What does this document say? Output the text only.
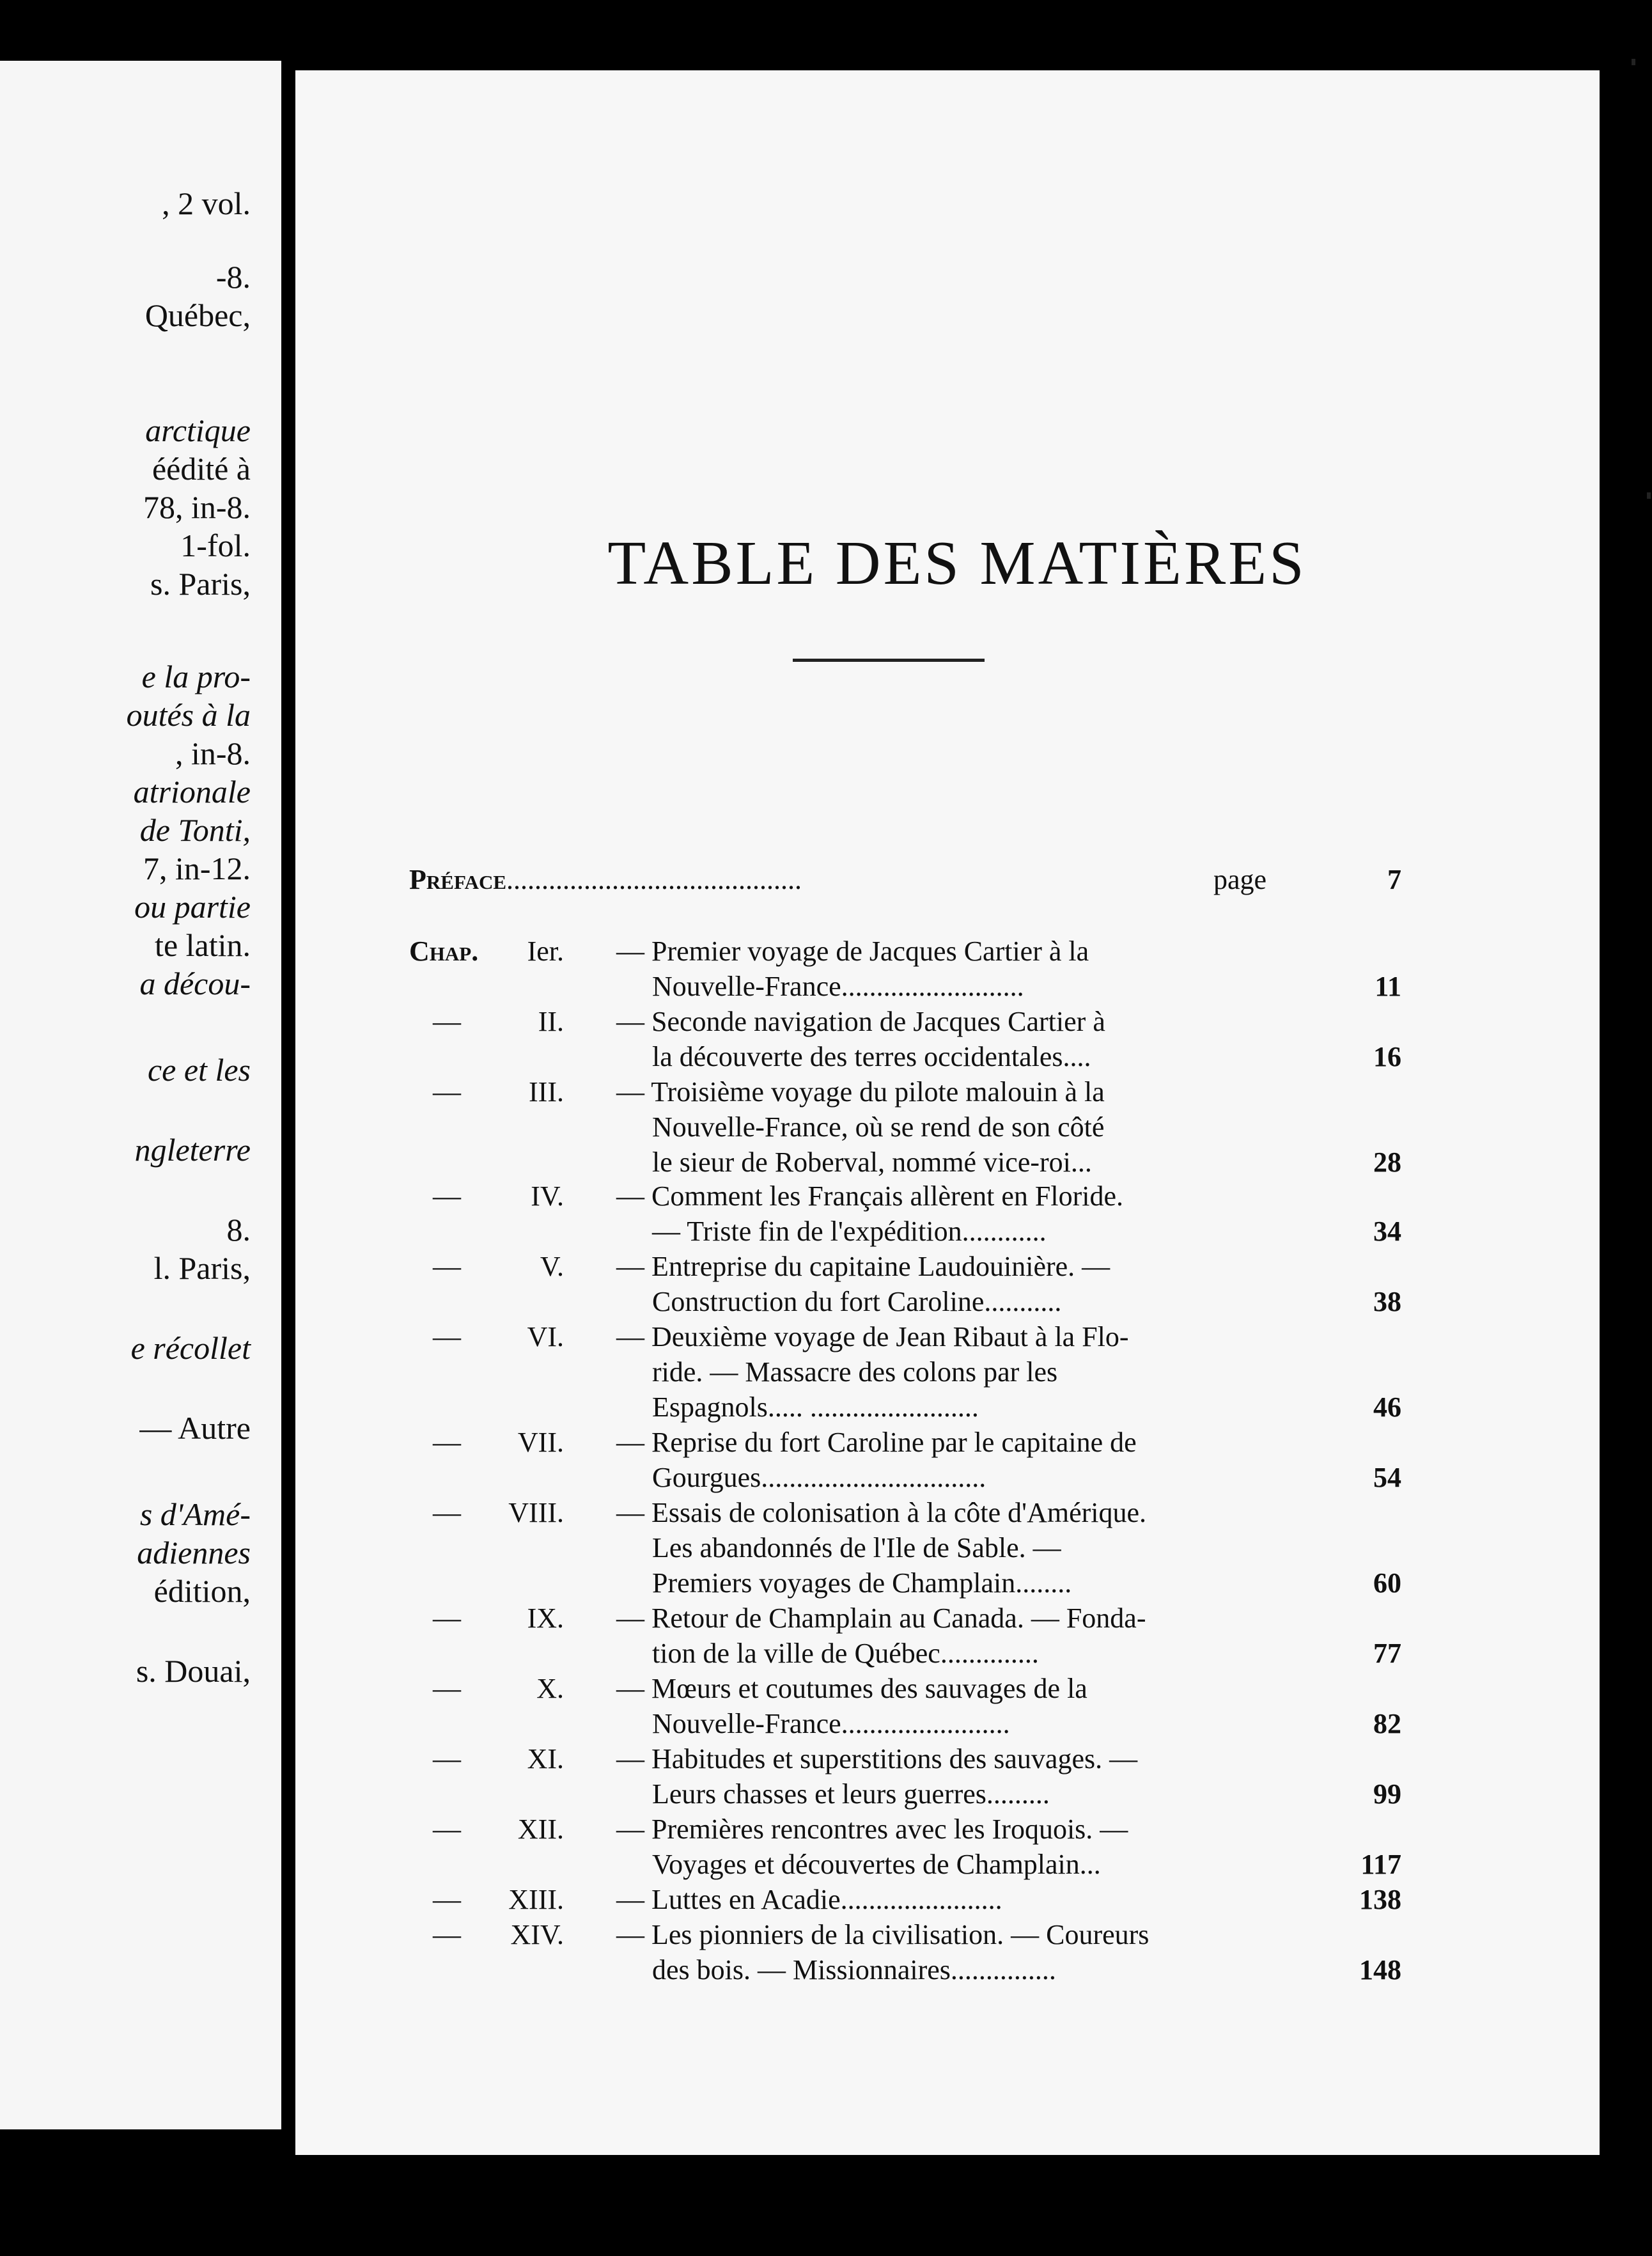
, 2 vol.
-8.
Québec,
arctique
éédité à
78, in-8.
1-fol.
s. Paris,
e la pro-
outés à la
, in-8.
atrionale
de Tonti,
7, in-12.
ou partie
te latin.
a décou-
ce et les
ngleterre
8.
l. Paris,
e récollet
— Autre
s d'Amé-
adiennes
édition,
s. Douai,
TABLE DES MATIÈRES
Préface..........................................	page	7
Chap.	Ier. — Premier voyage de Jacques Cartier à la
Nouvelle-France..........................	11
—	II. — Seconde navigation de Jacques Cartier à
la découverte des terres occidentales....	16
—	III. — Troisième voyage du pilote malouin à la
Nouvelle-France, où se rend de son côté
le sieur de Roberval, nommé vice-roi...	28
—	IV. — Comment les Français allèrent en Floride.
— Triste fin de l'expédition............	34
—	V. — Entreprise du capitaine Laudouinière. —
Construction du fort Caroline...........	38
—	VI. — Deuxième voyage de Jean Ribaut à la Flo-
ride. — Massacre des colons par les
Espagnols..... ........................	46
—	VII. — Reprise du fort Caroline par le capitaine de
Gourgues................................	54
—	VIII. — Essais de colonisation à la côte d'Amérique.
Les abandonnés de l'Ile de Sable. —
Premiers voyages de Champlain........	60
—	IX. — Retour de Champlain au Canada. — Fonda-
tion de la ville de Québec..............	77
—	X. — Mœurs et coutumes des sauvages de la
Nouvelle-France........................	82
—	XI. — Habitudes et superstitions des sauvages. —
Leurs chasses et leurs guerres.........	99
—	XII. — Premières rencontres avec les Iroquois. —
Voyages et découvertes de Champlain...	117
—	XIII. — Luttes en Acadie.......................	138
—	XIV. — Les pionniers de la civilisation. — Coureurs
des bois. — Missionnaires...............	148
